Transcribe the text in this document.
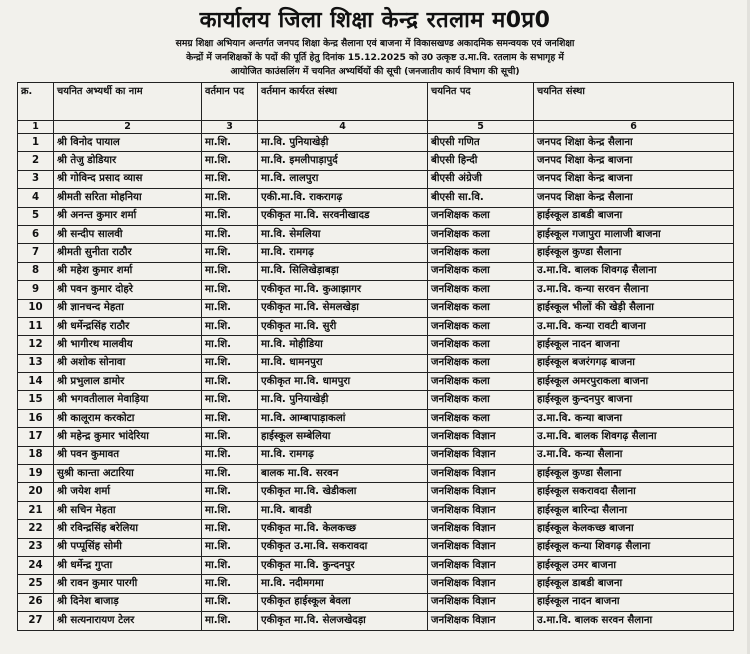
कार्यालय जिला शिक्षा केन्द्र रतलाम म0प्र0
समग्र शिक्षा अभियान अन्तर्गत जनपद शिक्षा केन्द्र सैलाना एवं बाजना में विकासखण्ड अकादमिक समन्वयक एवं जनशिक्षा
केन्द्रों में जनशिक्षकों के पदों की पूर्ति हेतु दिनांक 15.12.2025 को उ0 उत्कृष्ट उ.मा.वि. रतलाम के सभागृह में
आयोजित काउंसलिंग में चयनित अभ्यर्थियों की सूची (जनजातीय कार्य विभाग की सूची)
क्र.	चयनित अभ्यर्थी का नाम	वर्तमान पद	वर्तमान कार्यरत संस्था	चयनित पद	चयनित संस्था
1	2	3	4	5	6
1	श्री विनोद पायाल	मा.शि.	मा.वि. पुनियाखेड़ी	बीएसी गणित	जनपद शिक्षा केन्द्र सैलाना
2	श्री तेजु डोडियार	मा.शि.	मा.वि. इमलीपाड़ापुर्द	बीएसी हिन्दी	जनपद शिक्षा केन्द्र बाजना
3	श्री गोविन्द प्रसाद व्यास	मा.शि.	मा.वि. लालपुरा	बीएसी अंग्रेजी	जनपद शिक्षा केन्द्र बाजना
4	श्रीमती सरिता मोहनिया	मा.शि.	एकी.मा.वि. राकरागढ़	बीएसी सा.वि.	जनपद शिक्षा केन्द्र सैलाना
5	श्री अनन्त कुमार शर्मा	मा.शि.	एकीकृत मा.वि. सरवनीखादड	जनशिक्षक कला	हाईस्कूल डाबडी बाजना
6	श्री सन्दीप सालवी	मा.शि.	मा.वि. सेमलिया	जनशिक्षक कला	हाईस्कूल गजापुरा मालाजी बाजना
7	श्रीमती सुनीता राठौर	मा.शि.	मा.वि. रामगढ़	जनशिक्षक कला	हाईस्कूल कुण्डा सैलाना
8	श्री महेश कुमार शर्मा	मा.शि.	मा.वि. सिलिखेड़ाबड़ा	जनशिक्षक कला	उ.मा.वि. बालक शिवगढ़ सैलाना
9	श्री पवन कुमार दोहरे	मा.शि.	एकीकृत मा.वि. कुआझागर	जनशिक्षक कला	उ.मा.वि. कन्या सरवन सैलाना
10	श्री ज्ञानचन्द मेहता	मा.शि.	एकीकृत मा.वि. सेमलखेड़ा	जनशिक्षक कला	हाईस्कूल भीलों की खेड़ी सैलाना
11	श्री धर्मेन्द्रसिंह राठौर	मा.शि.	एकीकृत मा.वि. सुरी	जनशिक्षक कला	उ.मा.वि. कन्या रावटी बाजना
12	श्री भागीरथ मालवीय	मा.शि.	मा.वि. मोहीडिया	जनशिक्षक कला	हाईस्कूल नादन बाजना
13	श्री अशोक सोनावा	मा.शि.	मा.वि. धामनपुरा	जनशिक्षक कला	हाईस्कूल बजरंगगढ़ बाजना
14	श्री प्रभुलाल डामोर	मा.शि.	एकीकृत मा.वि. धामपुरा	जनशिक्षक कला	हाईस्कूल अमरपुराकला बाजना
15	श्री भगवतीलाल मेवाड़िया	मा.शि.	मा.वि. पुनियाखेड़ी	जनशिक्षक कला	हाईस्कूल कुन्दनपुर बाजना
16	श्री कालूराम करकोटा	मा.शि.	मा.वि. आम्बापाड़ाकलां	जनशिक्षक कला	उ.मा.वि. कन्या बाजना
17	श्री महेन्द्र कुमार भांदेरिया	मा.शि.	हाईस्कूल सम्बेलिया	जनशिक्षक विज्ञान	उ.मा.वि. बालक शिवगढ़ सैलाना
18	श्री पवन कुमावत	मा.शि.	मा.वि. रामगढ़	जनशिक्षक विज्ञान	उ.मा.वि. कन्या सैलाना
19	सुश्री कान्ता अटारिया	मा.शि.	बालक मा.वि. सरवन	जनशिक्षक विज्ञान	हाईस्कूल कुण्डा सैलाना
20	श्री जयेश शर्मा	मा.शि.	एकीकृत मा.वि. खेडीकला	जनशिक्षक विज्ञान	हाईस्कूल सकरावदा सैलाना
21	श्री सचिन मेहता	मा.शि.	मा.वि. बावडी	जनशिक्षक विज्ञान	हाईस्कूल बारिन्दा सैलाना
22	श्री रविन्द्रसिंह बरेलिया	मा.शि.	एकीकृत मा.वि. केलकच्छ	जनशिक्षक विज्ञान	हाईस्कूल केलकच्छ बाजना
23	श्री पप्पूसिंह सोमी	मा.शि.	एकीकृत उ.मा.वि. सकरावदा	जनशिक्षक विज्ञान	हाईस्कूल कन्या शिवगढ़ सैलाना
24	श्री धर्मेन्द्र गुप्ता	मा.शि.	एकीकृत मा.वि. कुन्दनपुर	जनशिक्षक विज्ञान	हाईस्कूल उमर बाजना
25	श्री रावन कुमार पारगी	मा.शि.	मा.वि. नदीमगमा	जनशिक्षक विज्ञान	हाईस्कूल डाबडी बाजना
26	श्री दिनेश बाजाड़	मा.शि.	एकीकृत हाईस्कूल बेवला	जनशिक्षक विज्ञान	हाईस्कूल नादन बाजना
27	श्री सत्यनारायण टेलर	मा.शि.	एकीकृत मा.वि. सेलजखेदड़ा	जनशिक्षक विज्ञान	उ.मा.वि. बालक सरवन सैलाना
